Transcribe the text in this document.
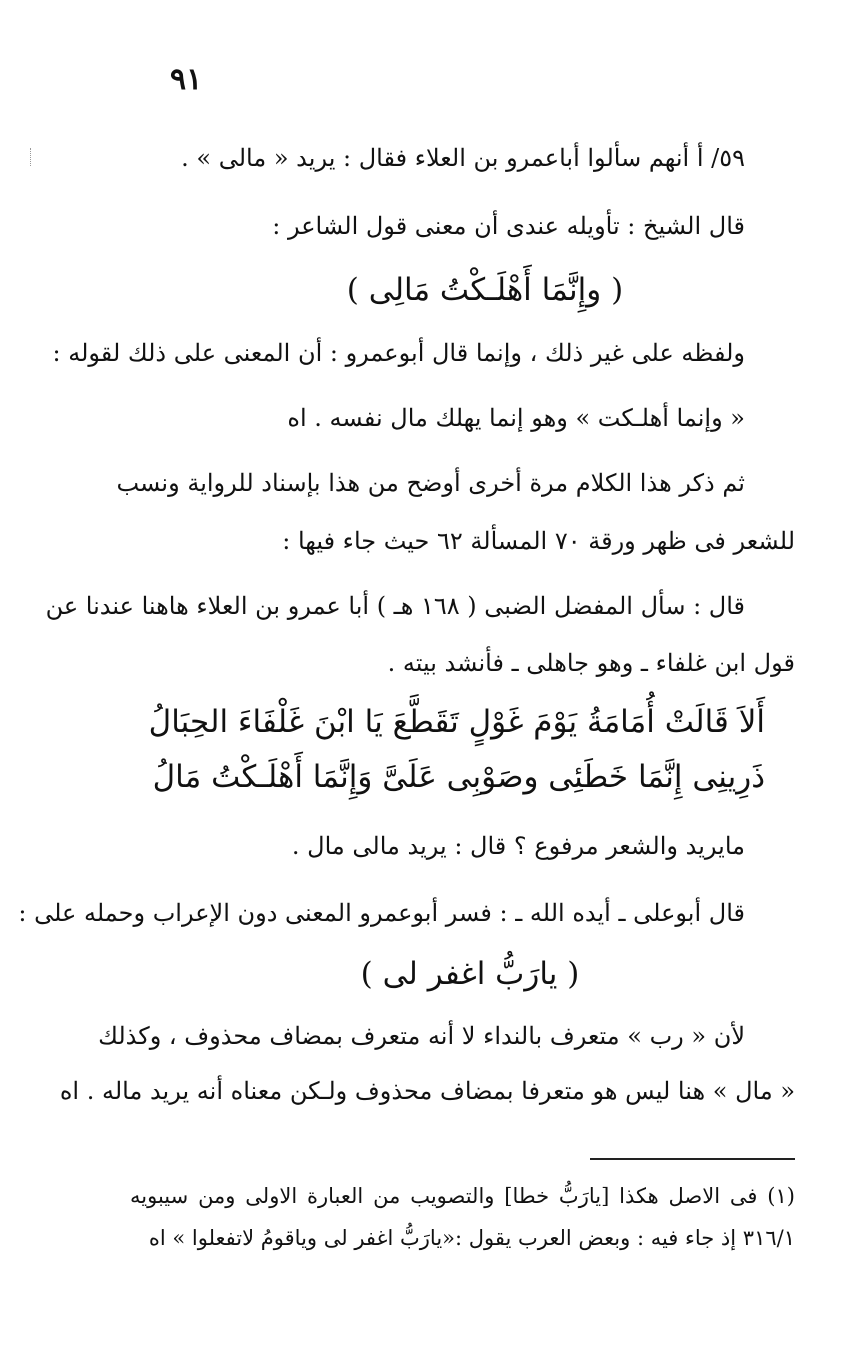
٩١
٥٩/ أ أنهم سألوا أباعمرو بن العلاء فقال : يريد « مالى » .
قال الشيخ : تأويله عندى أن معنى قول الشاعر :
( وإِنَّمَا أَهْلَـكْتُ مَالِى )
ولفظه على غير ذلك ، وإنما قال أبوعمرو : أن المعنى على ذلك لقوله :
« وإنما أهلـكت » وهو إنما يهلك مال نفسه . اه
ثم ذكر هذا الكلام مرة أخرى أوضح من هذا بإسناد للرواية ونسب
للشعر فى ظهر ورقة ٧٠ المسألة ٦٢ حيث جاء فيها :
قال : سأل المفضل الضبى ( ١٦٨ هـ ) أبا عمرو بن العلاء هاهنا عندنا عن
قول ابن غلفاء ـ وهو جاهلى ـ فأنشد بيته .
أَلاَ قَالَتْ أُمَامَةُ يَوْمَ غَوْلٍ تَقَطَّعَ يَا ابْنَ غَلْفَاءَ الحِبَالُ
ذَرِينِى إِنَّمَا خَطَئِى وصَوْبِى عَلَىَّ وَإِنَّمَا أَهْلَـكْتُ مَالُ
مايريد والشعر مرفوع ؟ قال : يريد مالى مال .
قال أبوعلى ـ أيده الله ـ : فسر أبوعمرو المعنى دون الإعراب وحمله على :
( يارَبُّ اغفر لى )
لأن « رب » متعرف بالنداء لا أنه متعرف بمضاف محذوف ، وكذلك
« مال » هنا ليس هو متعرفا بمضاف محذوف ولـكن معناه أنه يريد ماله . اه
(١) فى الاصل هكذا [يارَبُّ خطا] والتصويب من العبارة الاولى ومن سيبويه
٣١٦/١ إذ جاء فيه : وبعض العرب يقول :«يارَبُّ اغفر لى وياقومُ لاتفعلوا » اه
